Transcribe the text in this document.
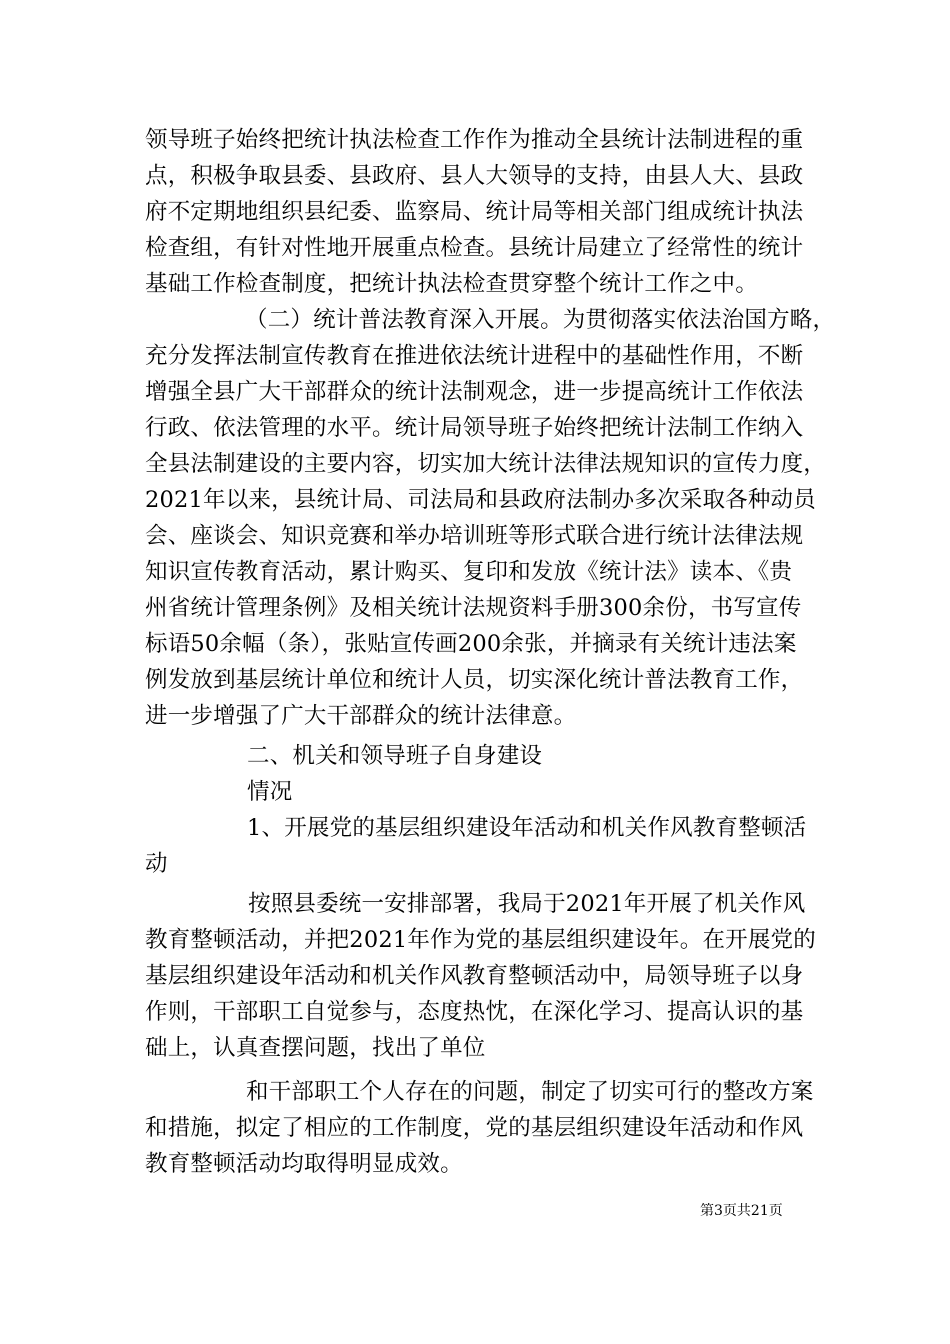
领导班子始终把统计执法检查工作作为推动全县统计法制进程的重
点，积极争取县委、县政府、县人大领导的支持，由县人大、县政
府不定期地组织县纪委、监察局、统计局等相关部门组成统计执法
检查组，有针对性地开展重点检查。县统计局建立了经常性的统计
基础工作检查制度，把统计执法检查贯穿整个统计工作之中。
（二）统计普法教育深入开展。为贯彻落实依法治国方略，
充分发挥法制宣传教育在推进依法统计进程中的基础性作用，不断
增强全县广大干部群众的统计法制观念，进一步提高统计工作依法
行政、依法管理的水平。统计局领导班子始终把统计法制工作纳入
全县法制建设的主要内容，切实加大统计法律法规知识的宣传力度，
2021年以来，县统计局、司法局和县政府法制办多次采取各种动员
会、座谈会、知识竞赛和举办培训班等形式联合进行统计法律法规
知识宣传教育活动，累计购买、复印和发放《统计法》读本、《贵
州省统计管理条例》及相关统计法规资料手册300余份，书写宣传
标语50余幅（条），张贴宣传画200余张，并摘录有关统计违法案
例发放到基层统计单位和统计人员，切实深化统计普法教育工作，
进一步增强了广大干部群众的统计法律意。
二、机关和领导班子自身建设
情况
1、开展党的基层组织建设年活动和机关作风教育整顿活
动
按照县委统一安排部署，我局于2021年开展了机关作风
教育整顿活动，并把2021年作为党的基层组织建设年。在开展党的
基层组织建设年活动和机关作风教育整顿活动中，局领导班子以身
作则，干部职工自觉参与，态度热忱，在深化学习、提高认识的基
础上，认真查摆问题，找出了单位
和干部职工个人存在的问题，制定了切实可行的整改方案
和措施，拟定了相应的工作制度，党的基层组织建设年活动和作风
教育整顿活动均取得明显成效。
第3页共21页
